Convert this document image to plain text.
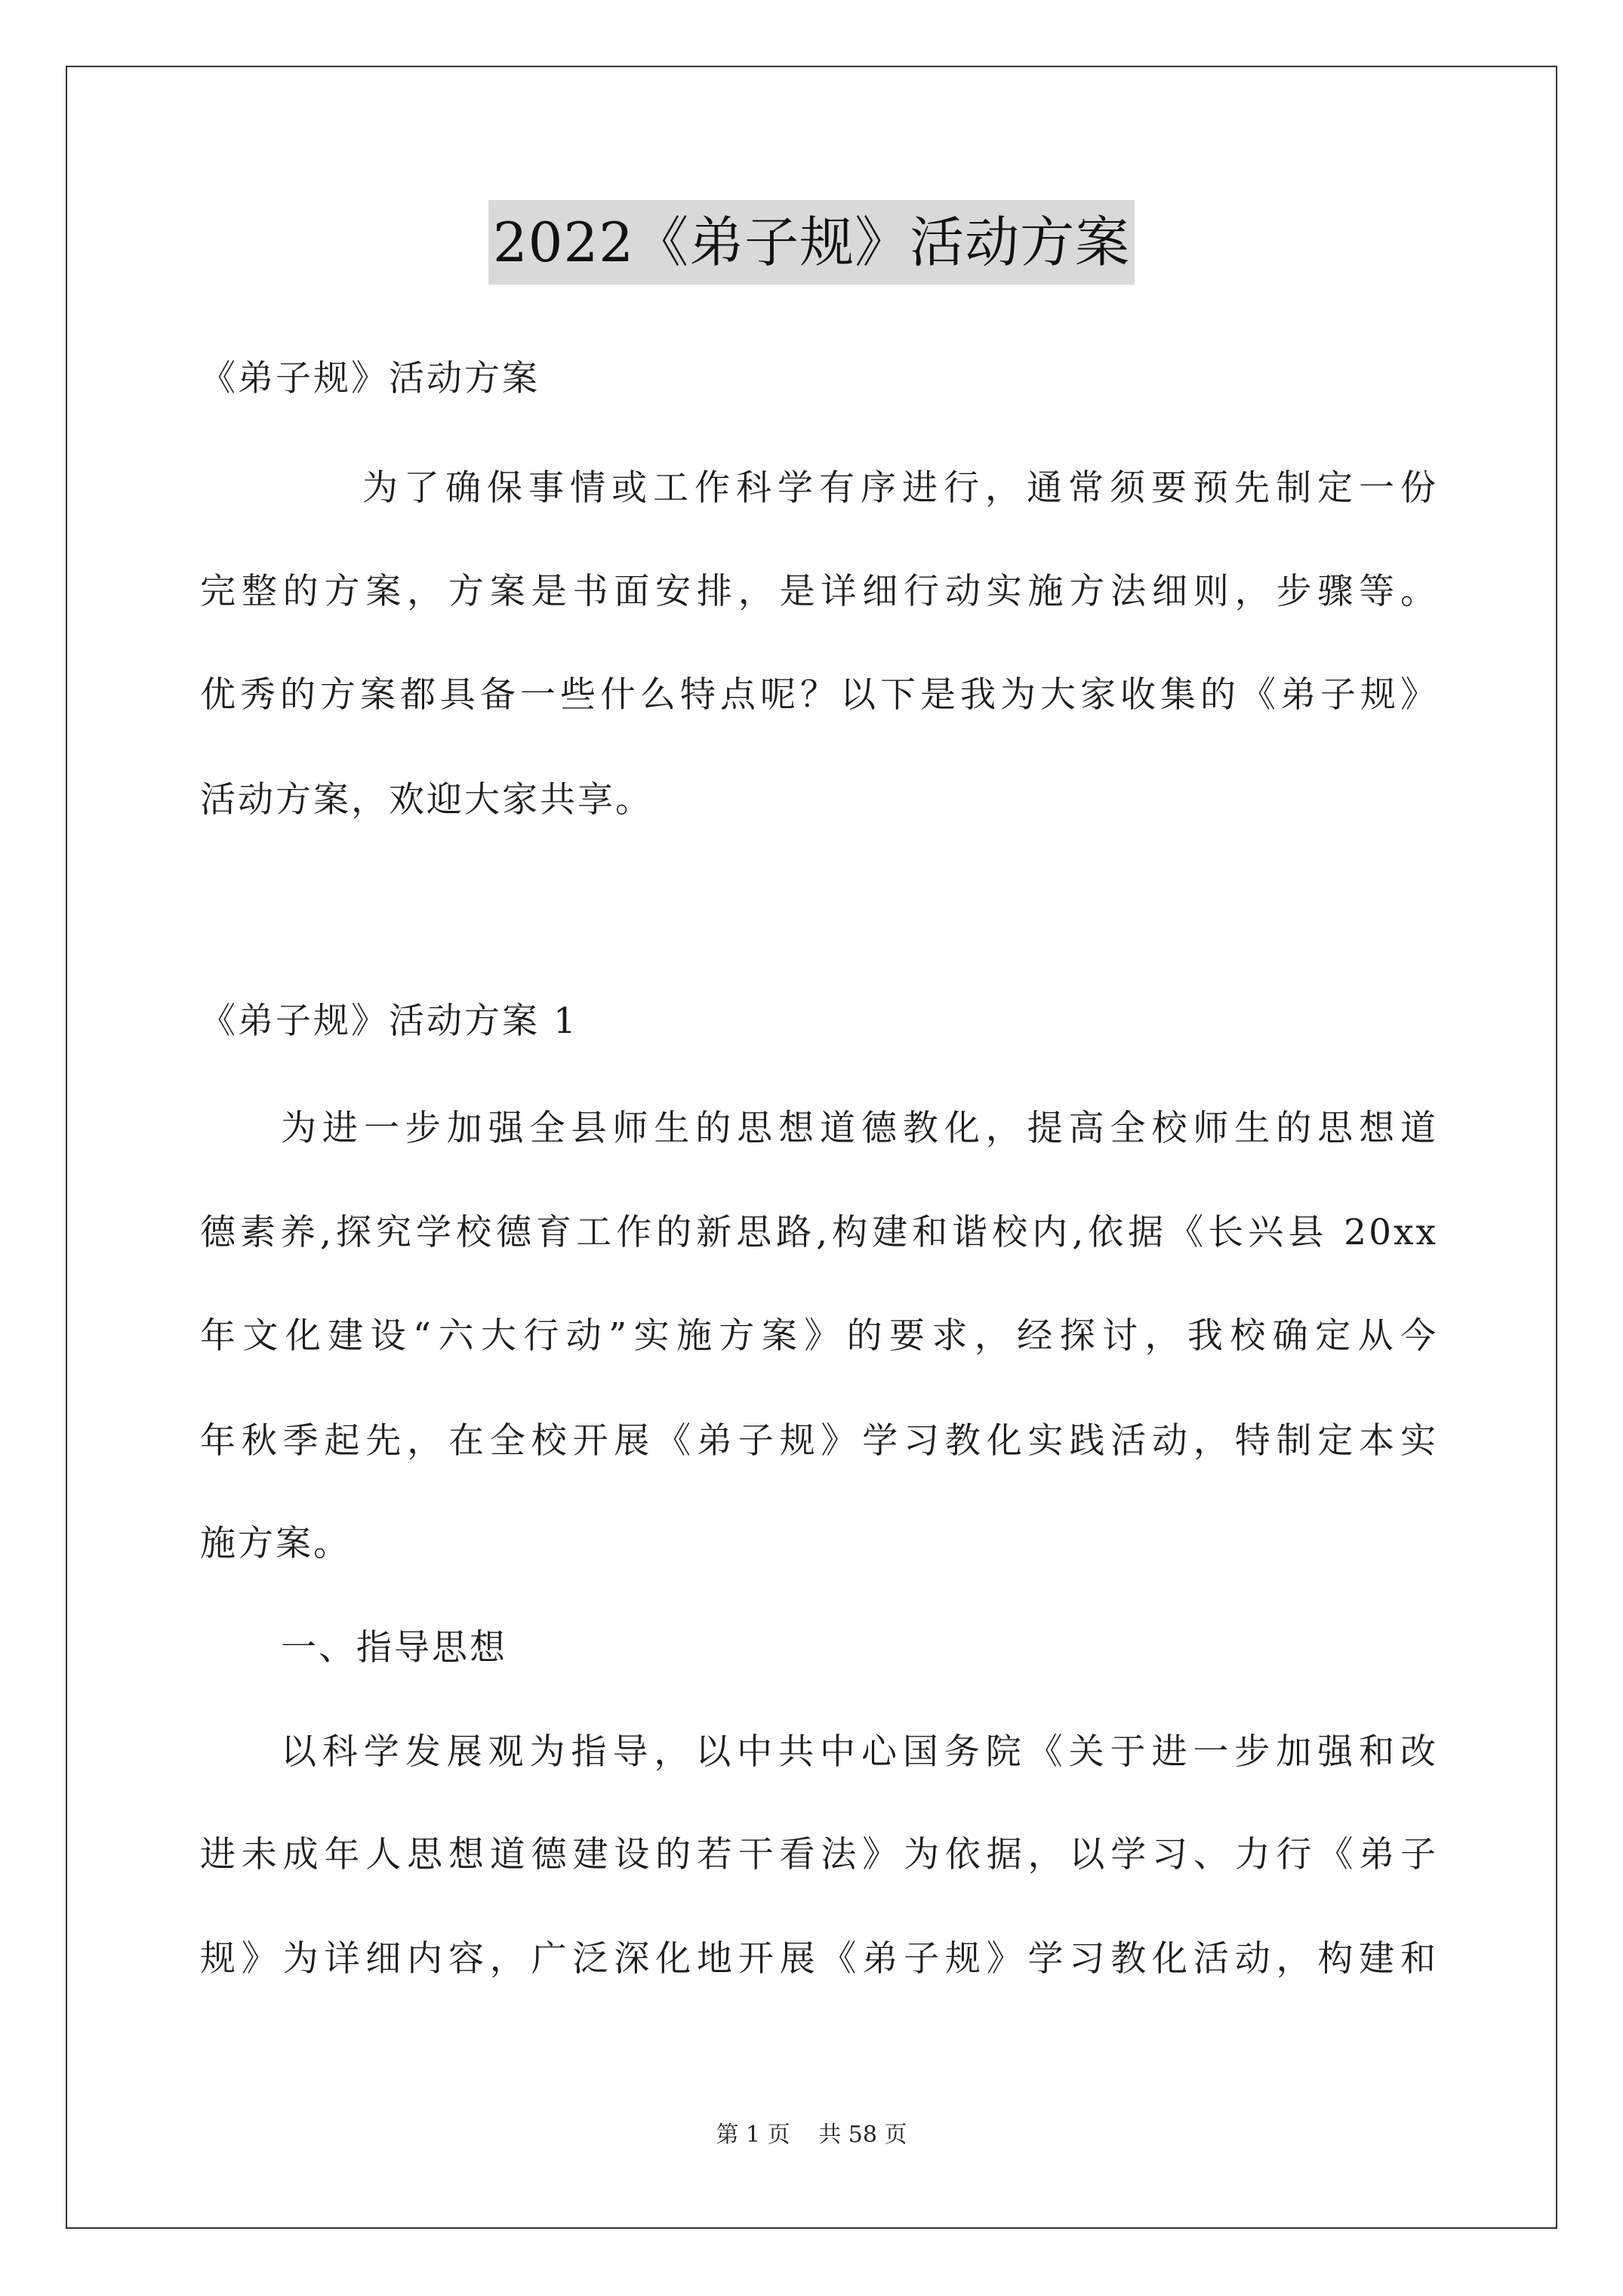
2022《弟子规》活动方案
《弟子规》活动方案
为了确保事情或工作科学有序进行，通常须要预先制定一份
完整的方案，方案是书面安排，是详细行动实施方法细则，步骤等。
优秀的方案都具备一些什么特点呢？以下是我为大家收集的《弟子规》
活动方案，欢迎大家共享。
《弟子规》活动方案 1
为进一步加强全县师生的思想道德教化，提高全校师生的思想道
德素养,探究学校德育工作的新思路,构建和谐校内,依据《长兴县 20xx
年文化建设“六大行动”实施方案》的要求，经探讨，我校确定从今
年秋季起先，在全校开展《弟子规》学习教化实践活动，特制定本实
施方案。
一、指导思想
以科学发展观为指导，以中共中心国务院《关于进一步加强和改
进未成年人思想道德建设的若干看法》为依据，以学习、力行《弟子
规》为详细内容，广泛深化地开展《弟子规》学习教化活动，构建和
第 1 页 共 58 页
